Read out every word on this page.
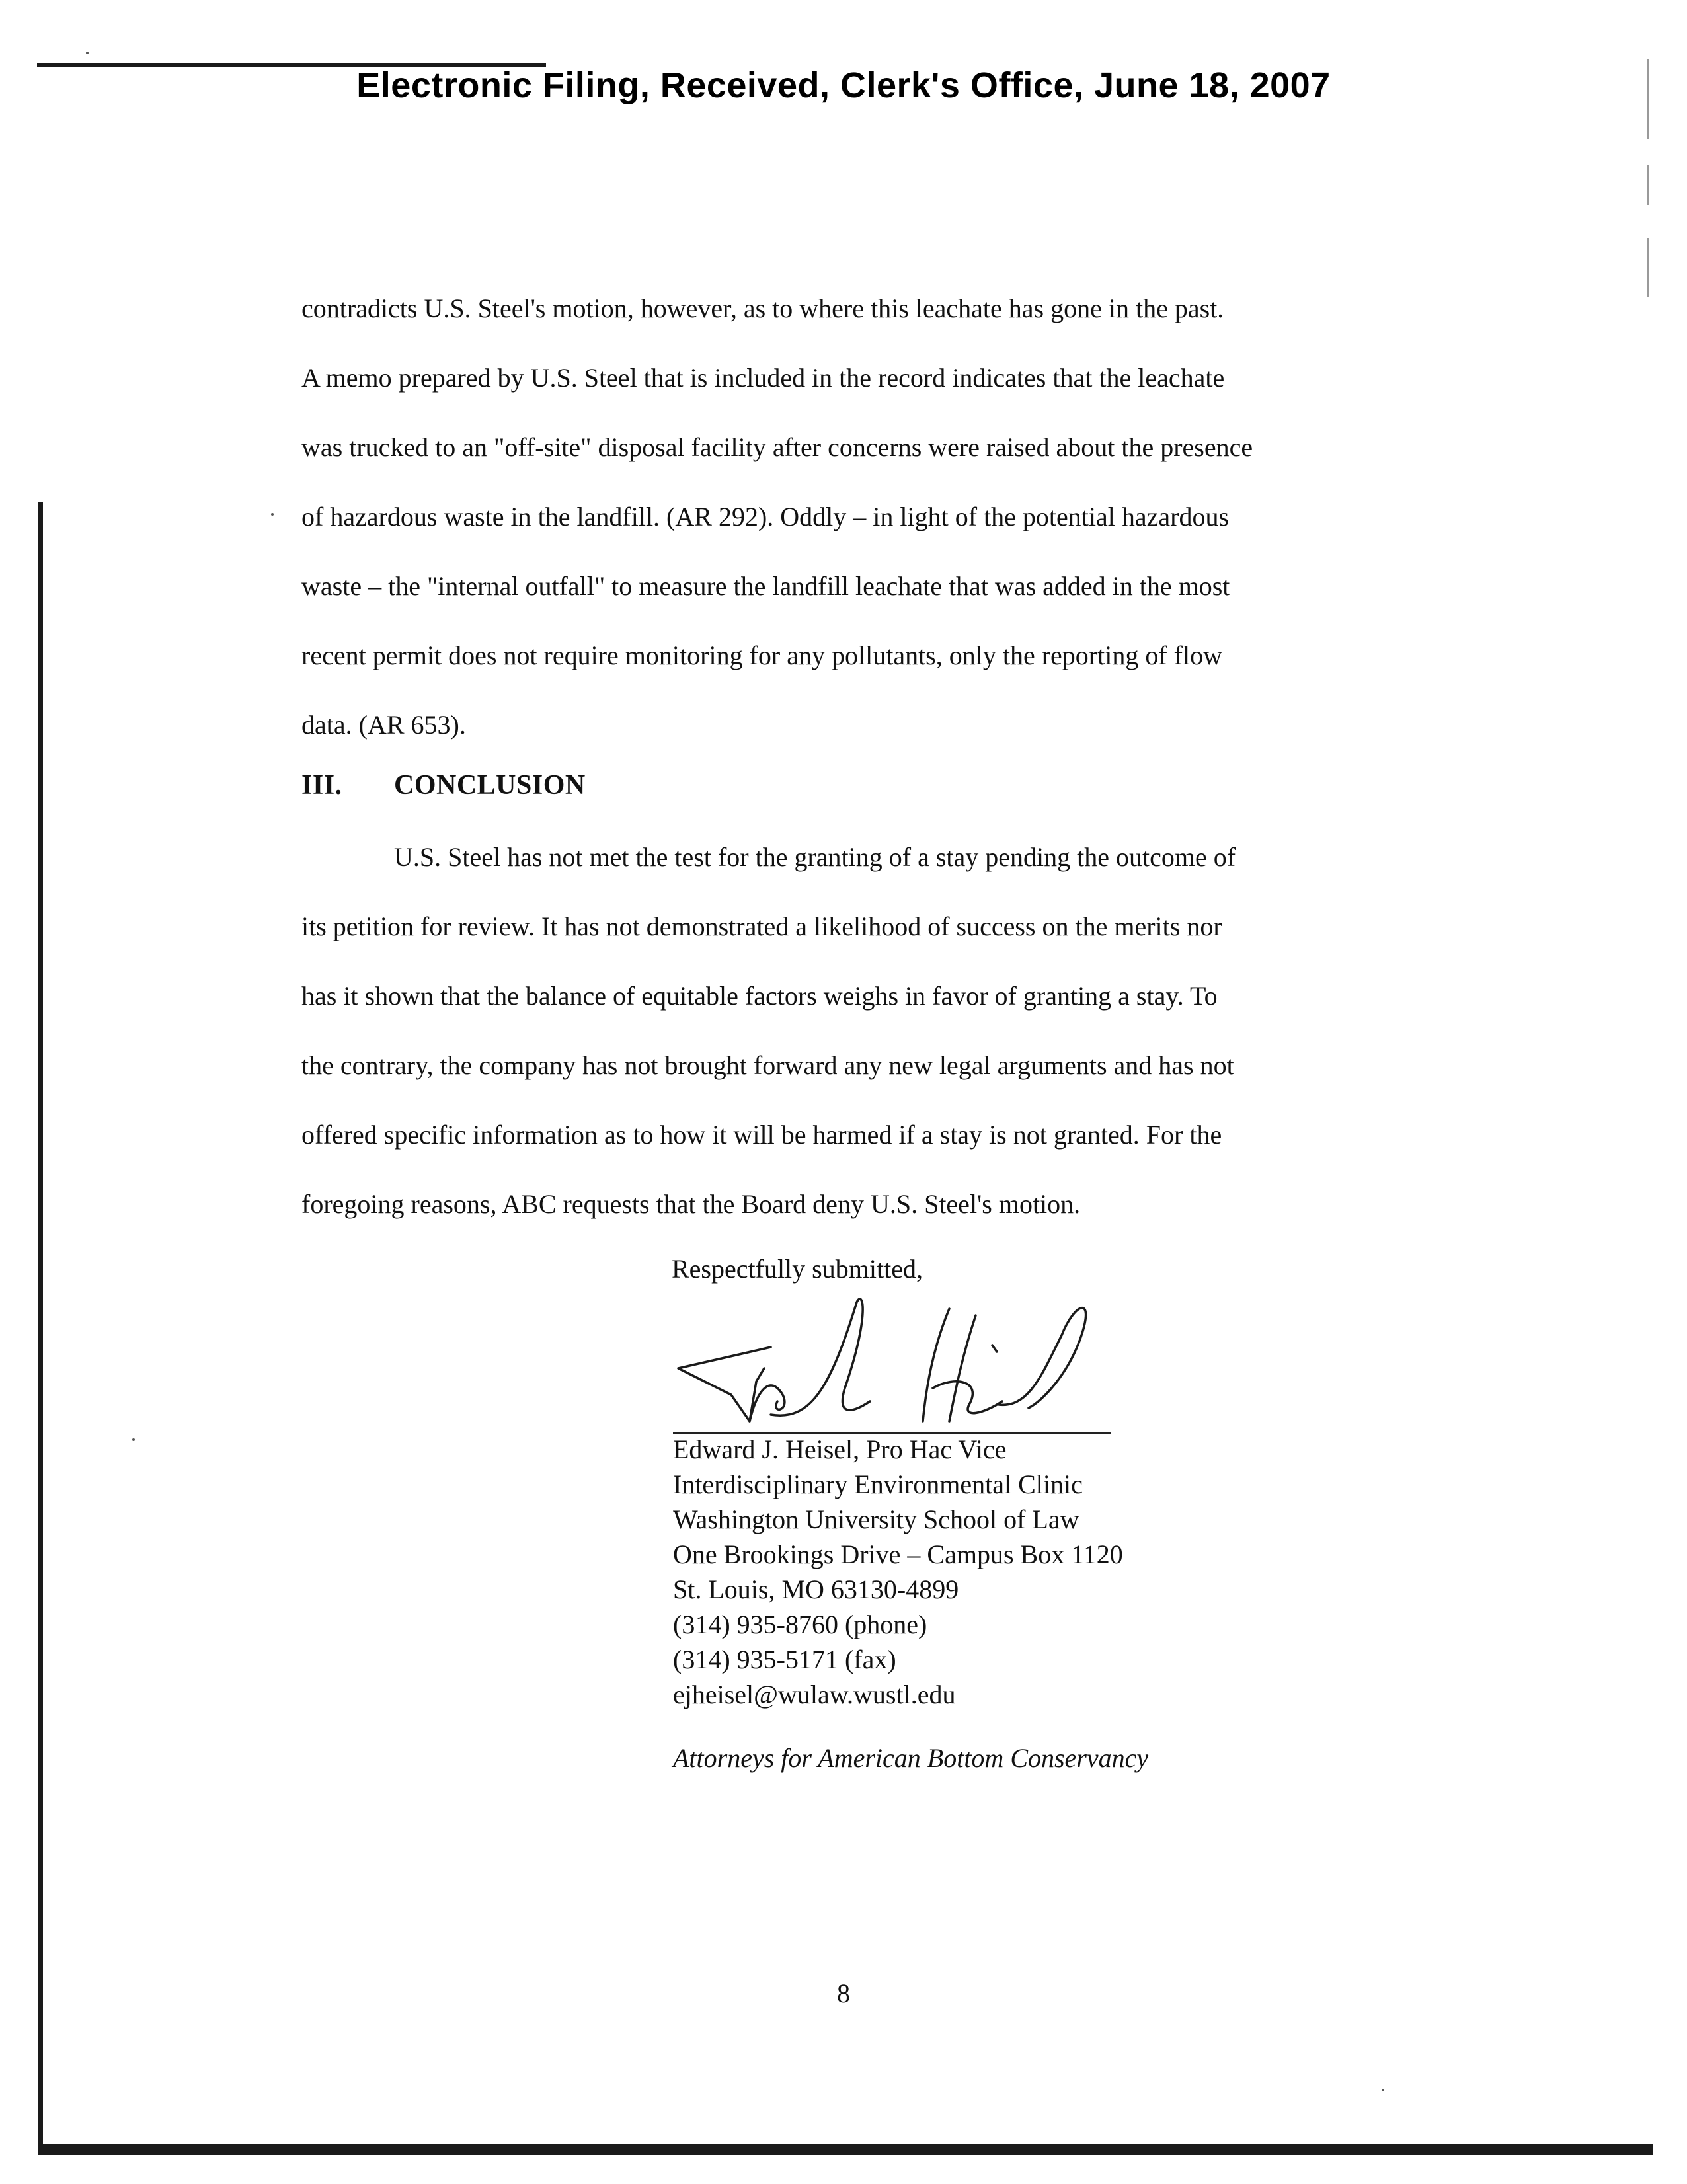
Electronic Filing, Received, Clerk's Office, June 18, 2007

contradicts U.S. Steel's motion, however, as to where this leachate has gone in the past.

A memo prepared by U.S. Steel that is included in the record indicates that the leachate

was trucked to an "off-site" disposal facility after concerns were raised about the presence

of hazardous waste in the landfill. (AR 292). Oddly – in light of the potential hazardous

waste – the "internal outfall" to measure the landfill leachate that was added in the most

recent permit does not require monitoring for any pollutants, only the reporting of flow

data. (AR 653).

III. CONCLUSION

U.S. Steel has not met the test for the granting of a stay pending the outcome of

its petition for review. It has not demonstrated a likelihood of success on the merits nor

has it shown that the balance of equitable factors weighs in favor of granting a stay. To

the contrary, the company has not brought forward any new legal arguments and has not

offered specific information as to how it will be harmed if a stay is not granted. For the

foregoing reasons, ABC requests that the Board deny U.S. Steel's motion.

Respectfully submitted,
Edward J. Heisel, Pro Hac Vice
Interdisciplinary Environmental Clinic
Washington University School of Law
One Brookings Drive – Campus Box 1120
St. Louis, MO 63130-4899
(314) 935-8760 (phone)
(314) 935-5171 (fax)
ejheisel@wulaw.wustl.edu
Attorneys for American Bottom Conservancy
8
